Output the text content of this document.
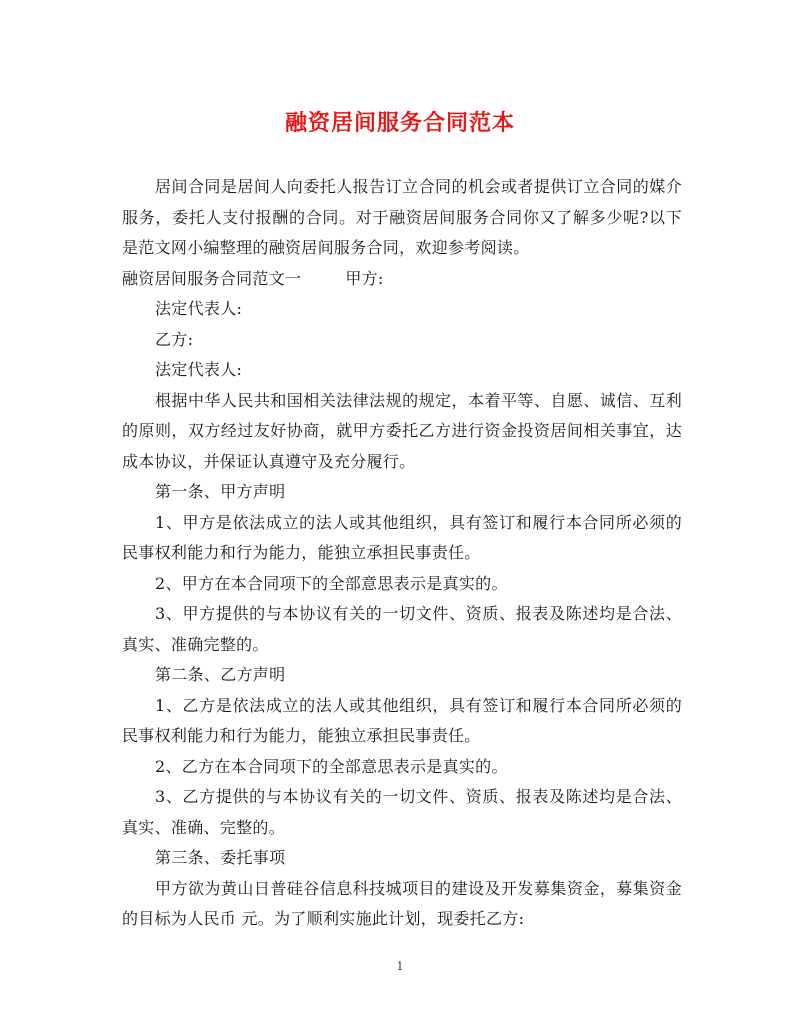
融资居间服务合同范本

居间合同是居间人向委托人报告订立合同的机会或者提供订立合同的媒介服务，委托人支付报酬的合同。对于融资居间服务合同你又了解多少呢?以下是范文网小编整理的融资居间服务合同，欢迎参考阅读。

融资居间服务合同范文一	甲方:

法定代表人:

乙方:

法定代表人:

根据中华人民共和国相关法律法规的规定，本着平等、自愿、诚信、互利的原则，双方经过友好协商，就甲方委托乙方进行资金投资居间相关事宜，达成本协议，并保证认真遵守及充分履行。

第一条、甲方声明

1、甲方是依法成立的法人或其他组织，具有签订和履行本合同所必须的民事权利能力和行为能力，能独立承担民事责任。

2、甲方在本合同项下的全部意思表示是真实的。

3、甲方提供的与本协议有关的一切文件、资质、报表及陈述均是合法、真实、准确完整的。

第二条、乙方声明

1、乙方是依法成立的法人或其他组织，具有签订和履行本合同所必须的民事权利能力和行为能力，能独立承担民事责任。

2、乙方在本合同项下的全部意思表示是真实的。

3、乙方提供的与本协议有关的一切文件、资质、报表及陈述均是合法、真实、准确、完整的。

第三条、委托事项

甲方欲为黄山日普硅谷信息科技城项目的建设及开发募集资金，募集资金的目标为人民币 元。为了顺利实施此计划，现委托乙方:

1
